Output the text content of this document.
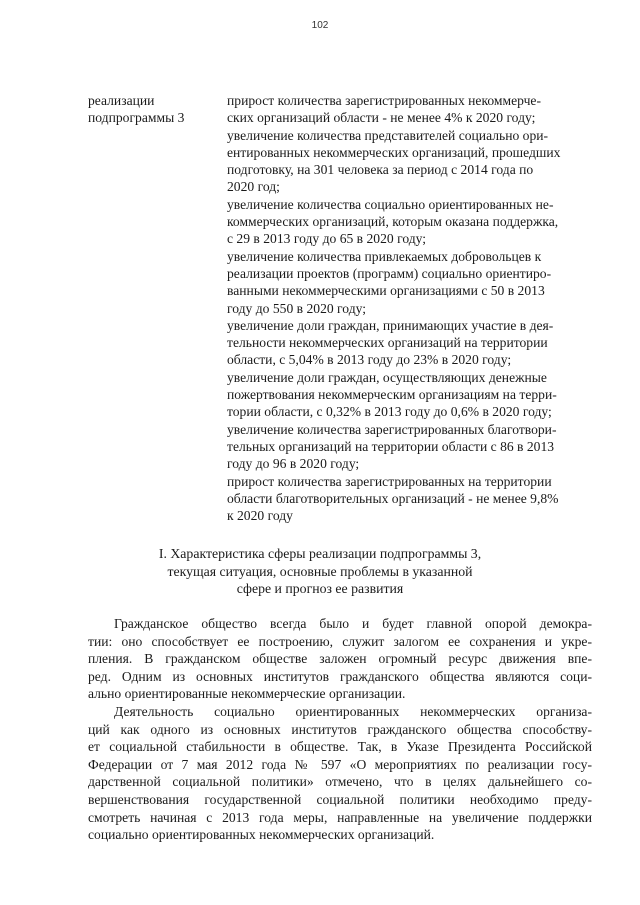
102
реализации
подпрограммы 3
прирост количества зарегистрированных некоммерче-
ских организаций области - не менее 4% к 2020 году;
увеличение количества представителей социально ори-
ентированных некоммерческих организаций, прошедших
подготовку, на 301 человека за период с 2014 года по
2020 год;
увеличение количества социально ориентированных не-
коммерческих организаций, которым оказана поддержка,
с 29 в 2013 году до 65 в 2020 году;
увеличение количества привлекаемых добровольцев к
реализации проектов (программ) социально ориентиро-
ванными некоммерческими организациями с 50 в 2013
году до 550 в 2020 году;
увеличение доли граждан, принимающих участие в дея-
тельности некоммерческих организаций на территории
области, с 5,04% в 2013 году до 23% в 2020 году;
увеличение доли граждан, осуществляющих денежные
пожертвования некоммерческим организациям на терри-
тории области, с 0,32% в 2013 году до 0,6% в 2020 году;
увеличение количества зарегистрированных благотвори-
тельных организаций на территории области с 86 в 2013
году до 96 в 2020 году;
прирост количества зарегистрированных на территории
области благотворительных организаций - не менее 9,8%
к 2020 году
I. Характеристика сферы реализации подпрограммы 3,
текущая ситуация, основные проблемы в указанной
сфере и прогноз ее развития
Гражданское общество всегда было и будет главной опорой демокра-
тии: оно способствует ее построению, служит залогом ее сохранения и укре-
пления. В гражданском обществе заложен огромный ресурс движения впе-
ред. Одним из основных институтов гражданского общества являются соци-
ально ориентированные некоммерческие организации.
Деятельность социально ориентированных некоммерческих организа-
ций как одного из основных институтов гражданского общества способству-
ет социальной стабильности в обществе. Так, в Указе Президента Российской
Федерации от 7 мая 2012 года № 597 «О мероприятиях по реализации госу-
дарственной социальной политики» отмечено, что в целях дальнейшего со-
вершенствования государственной социальной политики необходимо преду-
смотреть начиная с 2013 года меры, направленные на увеличение поддержки
социально ориентированных некоммерческих организаций.
